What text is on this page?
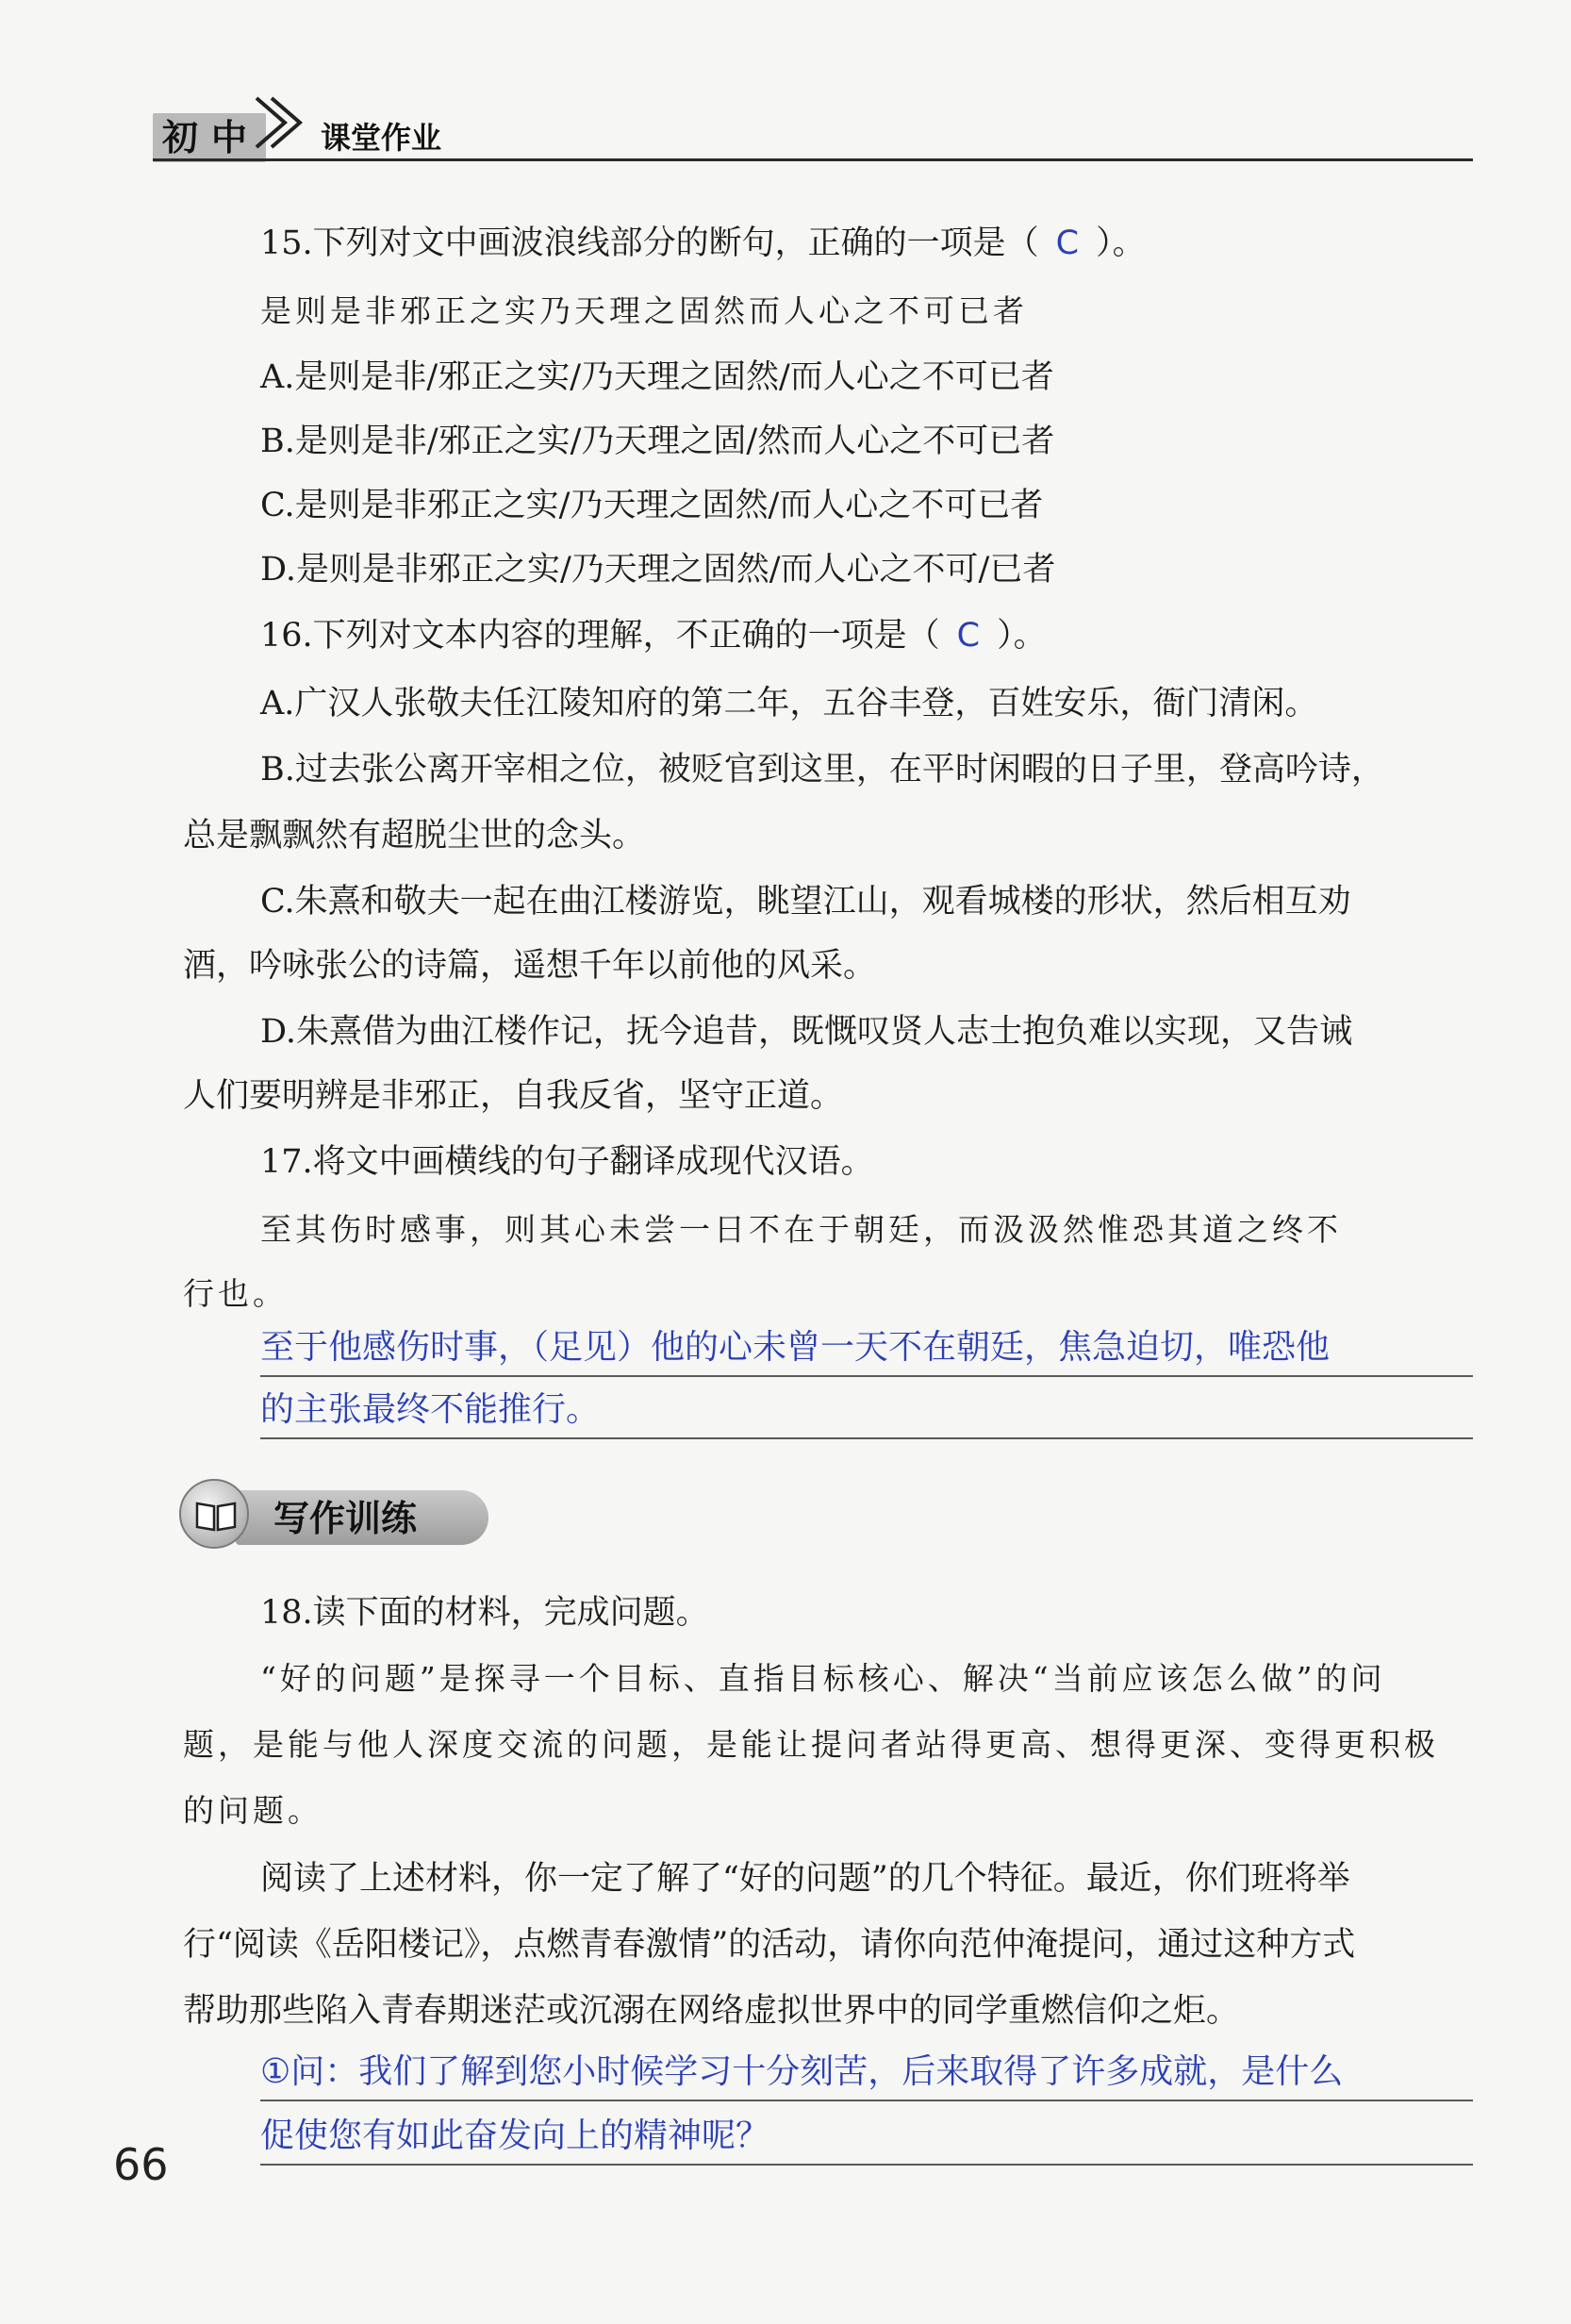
初中 课堂作业
15.下列对文中画波浪线部分的断句，正确的一项是（ C ）。
是则是非邪正之实乃天理之固然而人心之不可已者
A.是则是非/邪正之实/乃天理之固然/而人心之不可已者
B.是则是非/邪正之实/乃天理之固/然而人心之不可已者
C.是则是非邪正之实/乃天理之固然/而人心之不可已者
D.是则是非邪正之实/乃天理之固然/而人心之不可/已者
16.下列对文本内容的理解，不正确的一项是（ C ）。
A.广汉人张敬夫任江陵知府的第二年，五谷丰登，百姓安乐，衙门清闲。
B.过去张公离开宰相之位，被贬官到这里，在平时闲暇的日子里，登高吟诗，
总是飘飘然有超脱尘世的念头。
C.朱熹和敬夫一起在曲江楼游览，眺望江山，观看城楼的形状，然后相互劝
酒，吟咏张公的诗篇，遥想千年以前他的风采。
D.朱熹借为曲江楼作记，抚今追昔，既慨叹贤人志士抱负难以实现，又告诫
人们要明辨是非邪正，自我反省，坚守正道。
17.将文中画横线的句子翻译成现代汉语。
至其伤时感事，则其心未尝一日不在于朝廷，而汲汲然惟恐其道之终不
行也。
至于他感伤时事，（足见）他的心未曾一天不在朝廷，焦急迫切，唯恐他
的主张最终不能推行。
写作训练
18.读下面的材料，完成问题。
“好的问题”是探寻一个目标、直指目标核心、解决“当前应该怎么做”的问
题，是能与他人深度交流的问题，是能让提问者站得更高、想得更深、变得更积极
的问题。
阅读了上述材料，你一定了解了“好的问题”的几个特征。最近，你们班将举
行“阅读《岳阳楼记》，点燃青春激情”的活动，请你向范仲淹提问，通过这种方式
帮助那些陷入青春期迷茫或沉溺在网络虚拟世界中的同学重燃信仰之炬。
①问：我们了解到您小时候学习十分刻苦，后来取得了许多成就，是什么
促使您有如此奋发向上的精神呢？
66
